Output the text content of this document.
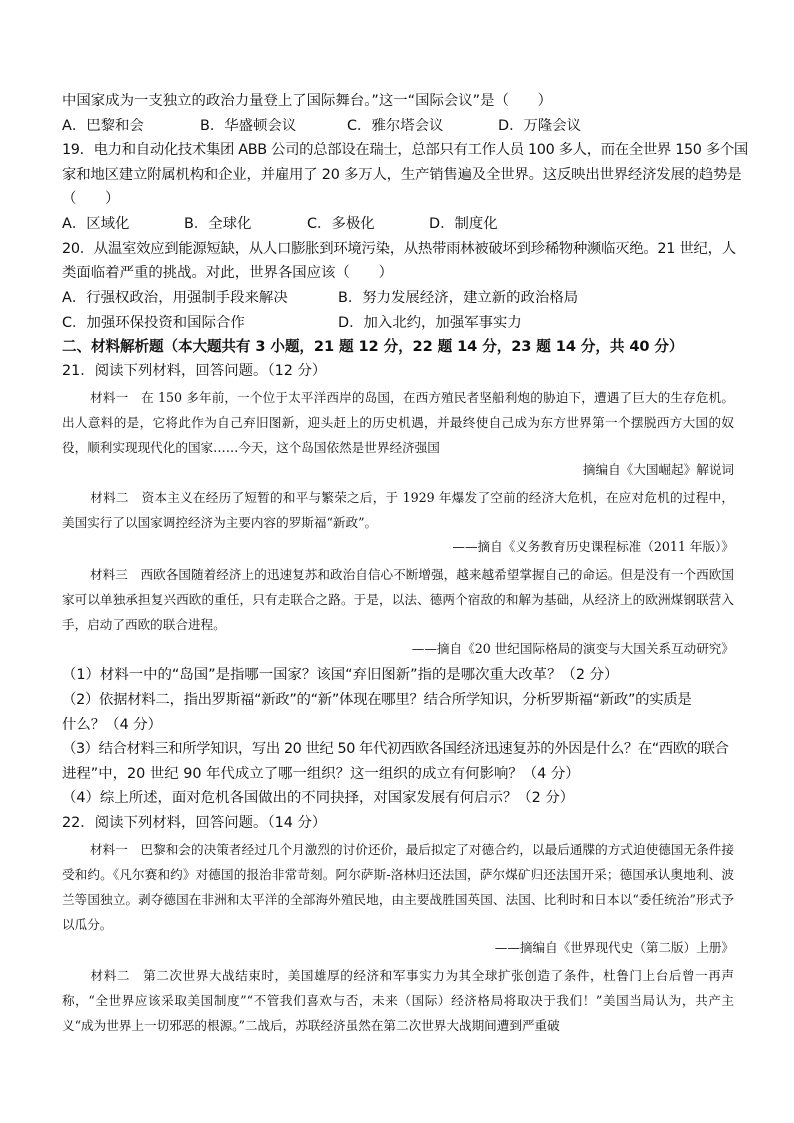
中国家成为一支独立的政治力量登上了国际舞台。”这一“国际会议”是（　　）
A．巴黎和会	B．华盛顿会议	C．雅尔塔会议	D．万隆会议
19．电力和自动化技术集团 ABB 公司的总部设在瑞士，总部只有工作人员 100 多人，而在全世界 150 多个国
家和地区建立附属机构和企业，并雇用了 20 多万人，生产销售遍及全世界。这反映出世界经济发展的趋势是
（　　）
A．区域化	B．全球化	C．多极化	D．制度化
20．从温室效应到能源短缺，从人口膨胀到环境污染，从热带雨林被破坏到珍稀物种濒临灭绝。21 世纪，人
类面临着严重的挑战。对此，世界各国应该（　　）
A．行强权政治，用强制手段来解决	B．努力发展经济，建立新的政治格局
C．加强环保投资和国际合作	D．加入北约，加强军事实力
二、材料解析题（本大题共有 3 小题，21 题 12 分，22 题 14 分，23 题 14 分，共 40 分）
21．阅读下列材料，回答问题。（12 分）
材料一　在 150 多年前，一个位于太平洋西岸的岛国，在西方殖民者坚船利炮的胁迫下，遭遇了巨大的生存危机。出人意料的是，它将此作为自己弃旧图新，迎头赶上的历史机遇，并最终使自己成为东方世界第一个摆脱西方大国的奴役，顺利实现现代化的国家……今天，这个岛国依然是世界经济强国
摘编自《大国崛起》解说词
材料二　资本主义在经历了短暂的和平与繁荣之后，于 1929 年爆发了空前的经济大危机，在应对危机的过程中，美国实行了以国家调控经济为主要内容的罗斯福“新政”。
——摘自《义务教育历史课程标准（2011 年版）》
材料三　西欧各国随着经济上的迅速复苏和政治自信心不断增强，越来越希望掌握自己的命运。但是没有一个西欧国家可以单独承担复兴西欧的重任，只有走联合之路。于是，以法、德两个宿敌的和解为基础，从经济上的欧洲煤钢联营入手，启动了西欧的联合进程。
——摘自《20 世纪国际格局的演变与大国关系互动研究》
（1）材料一中的“岛国”是指哪一国家？该国“弃旧图新”指的是哪次重大改革？（2 分）
（2）依据材料二，指出罗斯福“新政”的“新”体现在哪里？结合所学知识，分析罗斯福“新政”的实质是
什么？（4 分）
（3）结合材料三和所学知识，写出 20 世纪 50 年代初西欧各国经济迅速复苏的外因是什么？在“西欧的联合
进程”中，20 世纪 90 年代成立了哪一组织？这一组织的成立有何影响？（4 分）
（4）综上所述，面对危机各国做出的不同抉择，对国家发展有何启示？（2 分）
22．阅读下列材料，回答问题。（14 分）
材料一　巴黎和会的决策者经过几个月激烈的讨价还价，最后拟定了对德合约，以最后通牒的方式迫使德国无条件接受和约。《凡尔赛和约》对德国的报治非常苛刻。阿尔萨斯-洛林归还法国，萨尔煤矿归还法国开采；德国承认奥地利、波兰等国独立。剥夺德国在非洲和太平洋的全部海外殖民地，由主要战胜国英国、法国、比利时和日本以“委任统治”形式予以瓜分。
——摘编自《世界现代史（第二版）上册》
材料二　第二次世界大战结束时，美国雄厚的经济和军事实力为其全球扩张创造了条件，杜鲁门上台后曾一再声称，“全世界应该采取美国制度”“不管我们喜欢与否，未来（国际）经济格局将取决于我们！”美国当局认为，共产主义“成为世界上一切邪恶的根源。”二战后，苏联经济虽然在第二次世界大战期间遭到严重破
